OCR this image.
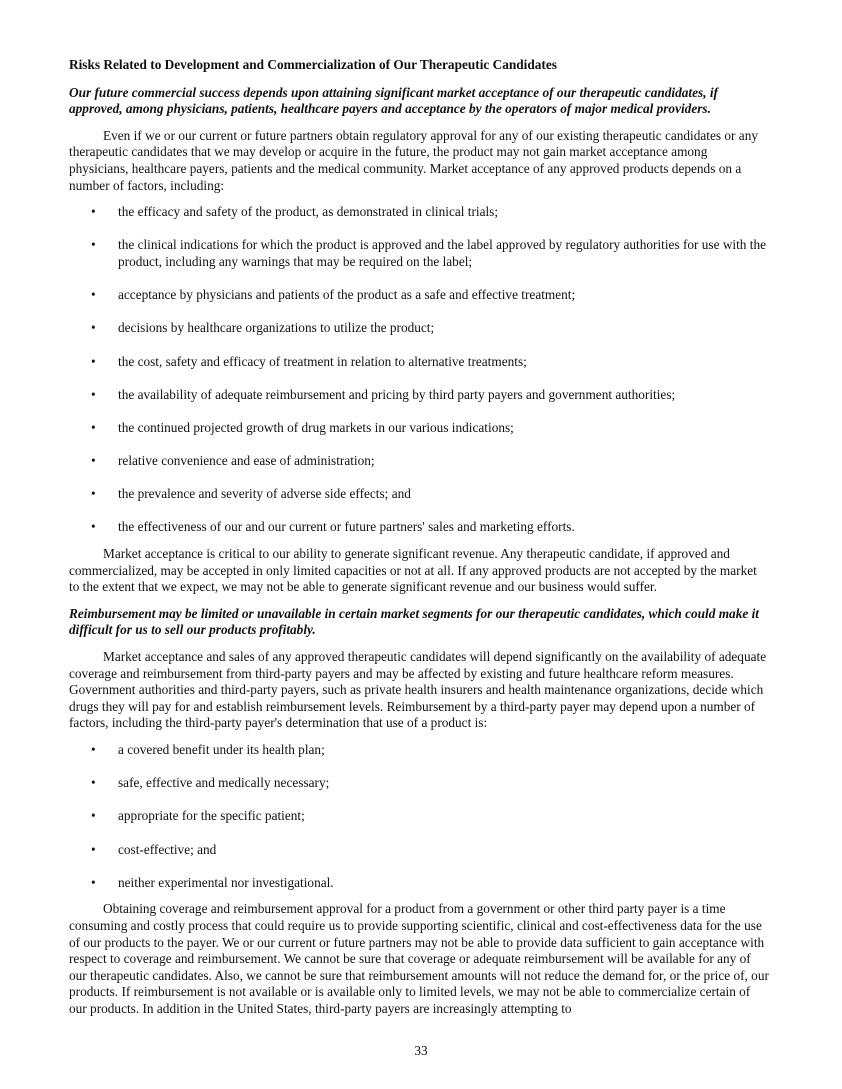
Risks Related to Development and Commercialization of Our Therapeutic Candidates
Our future commercial success depends upon attaining significant market acceptance of our therapeutic candidates, if approved, among physicians, patients, healthcare payers and acceptance by the operators of major medical providers.

Even if we or our current or future partners obtain regulatory approval for any of our existing therapeutic candidates or any therapeutic candidates that we may develop or acquire in the future, the product may not gain market acceptance among physicians, healthcare payers, patients and the medical community. Market acceptance of any approved products depends on a number of factors, including:

• the efficacy and safety of the product, as demonstrated in clinical trials;
• the clinical indications for which the product is approved and the label approved by regulatory authorities for use with the product, including any warnings that may be required on the label;
• acceptance by physicians and patients of the product as a safe and effective treatment;
• decisions by healthcare organizations to utilize the product;
• the cost, safety and efficacy of treatment in relation to alternative treatments;
• the availability of adequate reimbursement and pricing by third party payers and government authorities;
• the continued projected growth of drug markets in our various indications;
• relative convenience and ease of administration;
• the prevalence and severity of adverse side effects; and
• the effectiveness of our and our current or future partners' sales and marketing efforts.

Market acceptance is critical to our ability to generate significant revenue. Any therapeutic candidate, if approved and commercialized, may be accepted in only limited capacities or not at all. If any approved products are not accepted by the market to the extent that we expect, we may not be able to generate significant revenue and our business would suffer.

Reimbursement may be limited or unavailable in certain market segments for our therapeutic candidates, which could make it difficult for us to sell our products profitably.

Market acceptance and sales of any approved therapeutic candidates will depend significantly on the availability of adequate coverage and reimbursement from third-party payers and may be affected by existing and future healthcare reform measures. Government authorities and third-party payers, such as private health insurers and health maintenance organizations, decide which drugs they will pay for and establish reimbursement levels. Reimbursement by a third-party payer may depend upon a number of factors, including the third-party payer's determination that use of a product is:

• a covered benefit under its health plan;
• safe, effective and medically necessary;
• appropriate for the specific patient;
• cost-effective; and
• neither experimental nor investigational.

Obtaining coverage and reimbursement approval for a product from a government or other third party payer is a time consuming and costly process that could require us to provide supporting scientific, clinical and cost-effectiveness data for the use of our products to the payer. We or our current or future partners may not be able to provide data sufficient to gain acceptance with respect to coverage and reimbursement. We cannot be sure that coverage or adequate reimbursement will be available for any of our therapeutic candidates. Also, we cannot be sure that reimbursement amounts will not reduce the demand for, or the price of, our products. If reimbursement is not available or is available only to limited levels, we may not be able to commercialize certain of our products. In addition in the United States, third-party payers are increasingly attempting to

33
